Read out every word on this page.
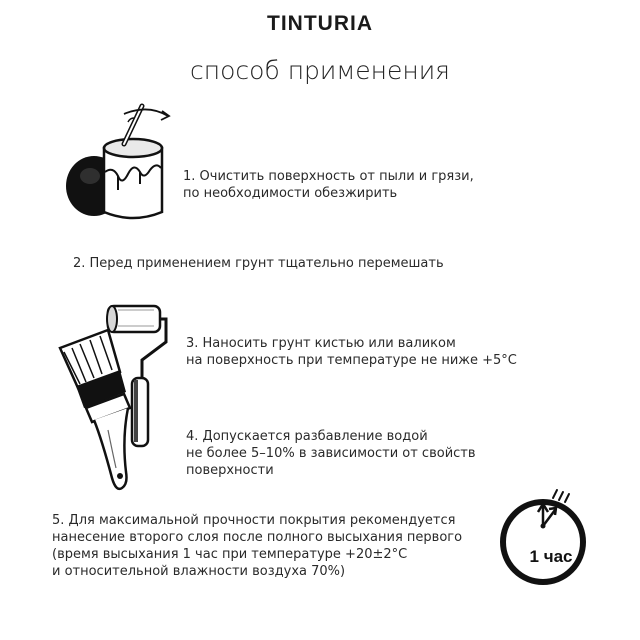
TINTURIA
способ применения
1. Очистить поверхность от пыли и грязи,
по необходимости обезжирить
2. Перед применением грунт тщательно перемешать
3. Наносить грунт кистью или валиком
на поверхность при температуре не ниже +5°С
4. Допускается разбавление водой
не более 5–10% в зависимости от свойств
поверхности
5. Для максимальной прочности покрытия рекомендуется
нанесение второго слоя после полного высыхания первого
(время высыхания 1 час при температуре +20±2°С
и относительной влажности воздуха 70%)
1 час
